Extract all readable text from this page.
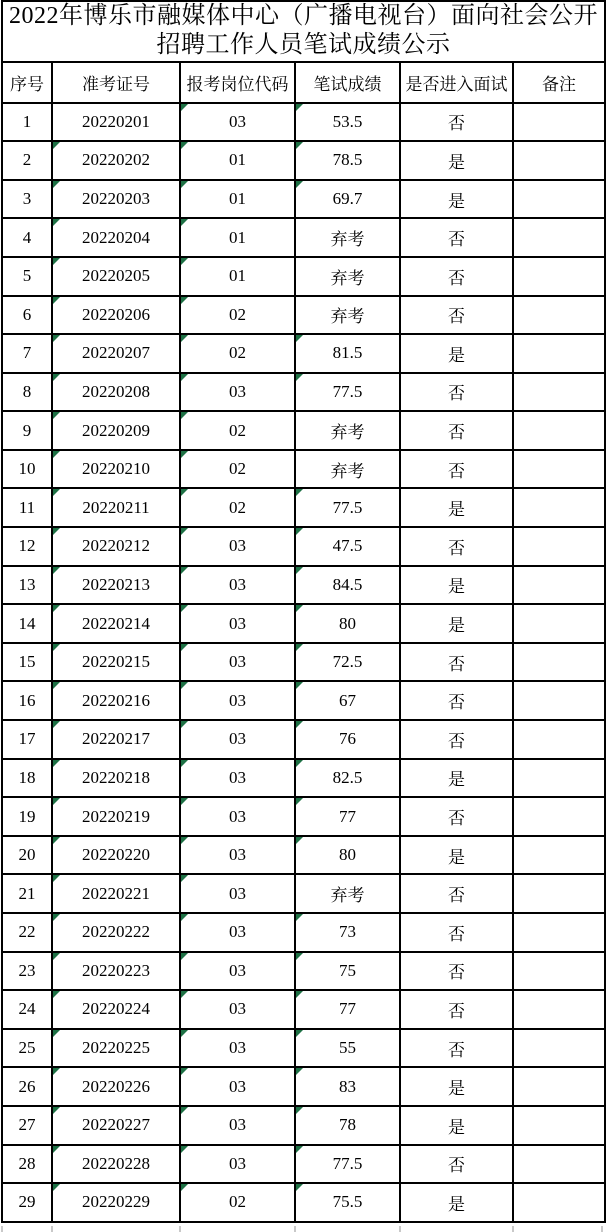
2022年博乐市融媒体中心（广播电视台）面向社会公开招聘工作人员笔试成绩公示					
序号	准考证号	报考岗位代码	笔试成绩	是否进入面试	备注
1	20220201	03	53.5	否	
2	20220202	01	78.5	是	
3	20220203	01	69.7	是	
4	20220204	01	弃考	否	
5	20220205	01	弃考	否	
6	20220206	02	弃考	否	
7	20220207	02	81.5	是	
8	20220208	03	77.5	否	
9	20220209	02	弃考	否	
10	20220210	02	弃考	否	
11	20220211	02	77.5	是	
12	20220212	03	47.5	否	
13	20220213	03	84.5	是	
14	20220214	03	80	是	
15	20220215	03	72.5	否	
16	20220216	03	67	否	
17	20220217	03	76	否	
18	20220218	03	82.5	是	
19	20220219	03	77	否	
20	20220220	03	80	是	
21	20220221	03	弃考	否	
22	20220222	03	73	否	
23	20220223	03	75	否	
24	20220224	03	77	否	
25	20220225	03	55	否	
26	20220226	03	83	是	
27	20220227	03	78	是	
28	20220228	03	77.5	否	
29	20220229	02	75.5	是	
